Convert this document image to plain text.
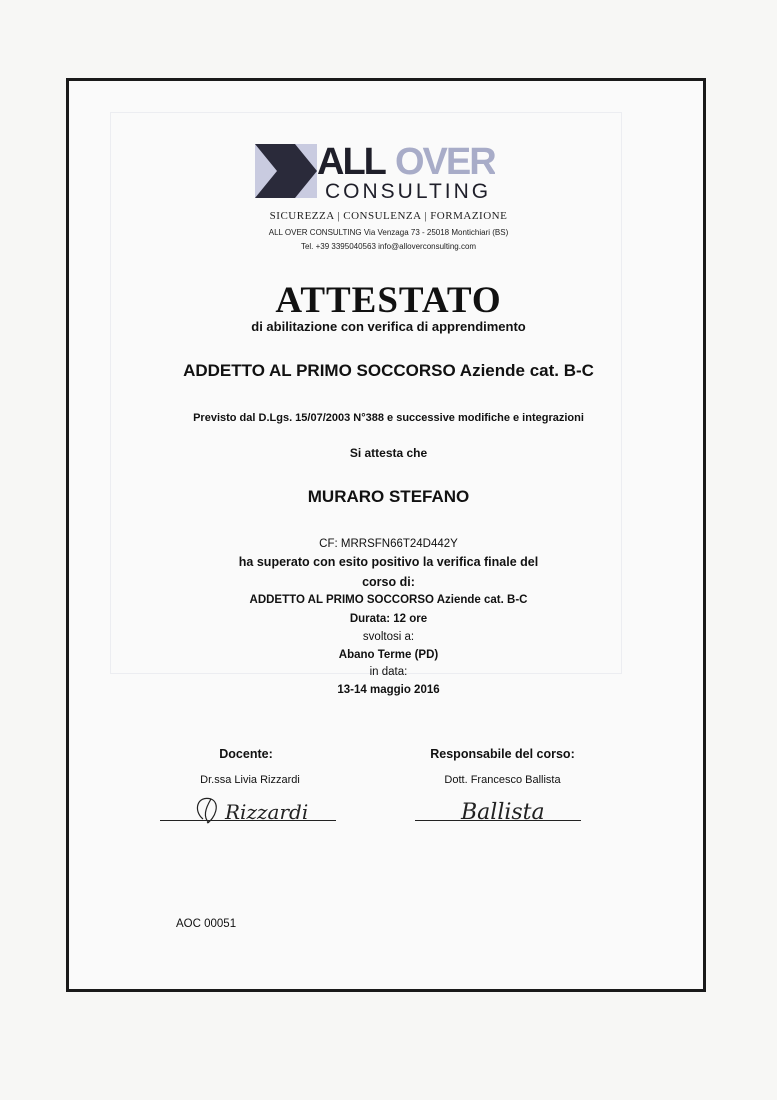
ALL OVER
CONSULTING
SICUREZZA | CONSULENZA | FORMAZIONE
ALL OVER CONSULTING Via Venzaga 73 - 25018 Montichiari (BS)
Tel. +39 3395040563 info@alloverconsulting.com
ATTESTATO
di abilitazione con verifica di apprendimento
ADDETTO AL PRIMO SOCCORSO Aziende cat. B-C
Previsto dal D.Lgs. 15/07/2003 N°388 e successive modifiche e integrazioni
Si attesta che
MURARO STEFANO
CF: MRRSFN66T24D442Y
ha superato con esito positivo la verifica finale del
corso di:
ADDETTO AL PRIMO SOCCORSO Aziende cat. B-C
Durata: 12 ore
svoltosi a:
Abano Terme (PD)
in data:
13-14 maggio 2016
Docente:
Dr.ssa Livia Rizzardi
Rizzardi
Responsabile del corso:
Dott. Francesco Ballista
Ballista
AOC 00051
